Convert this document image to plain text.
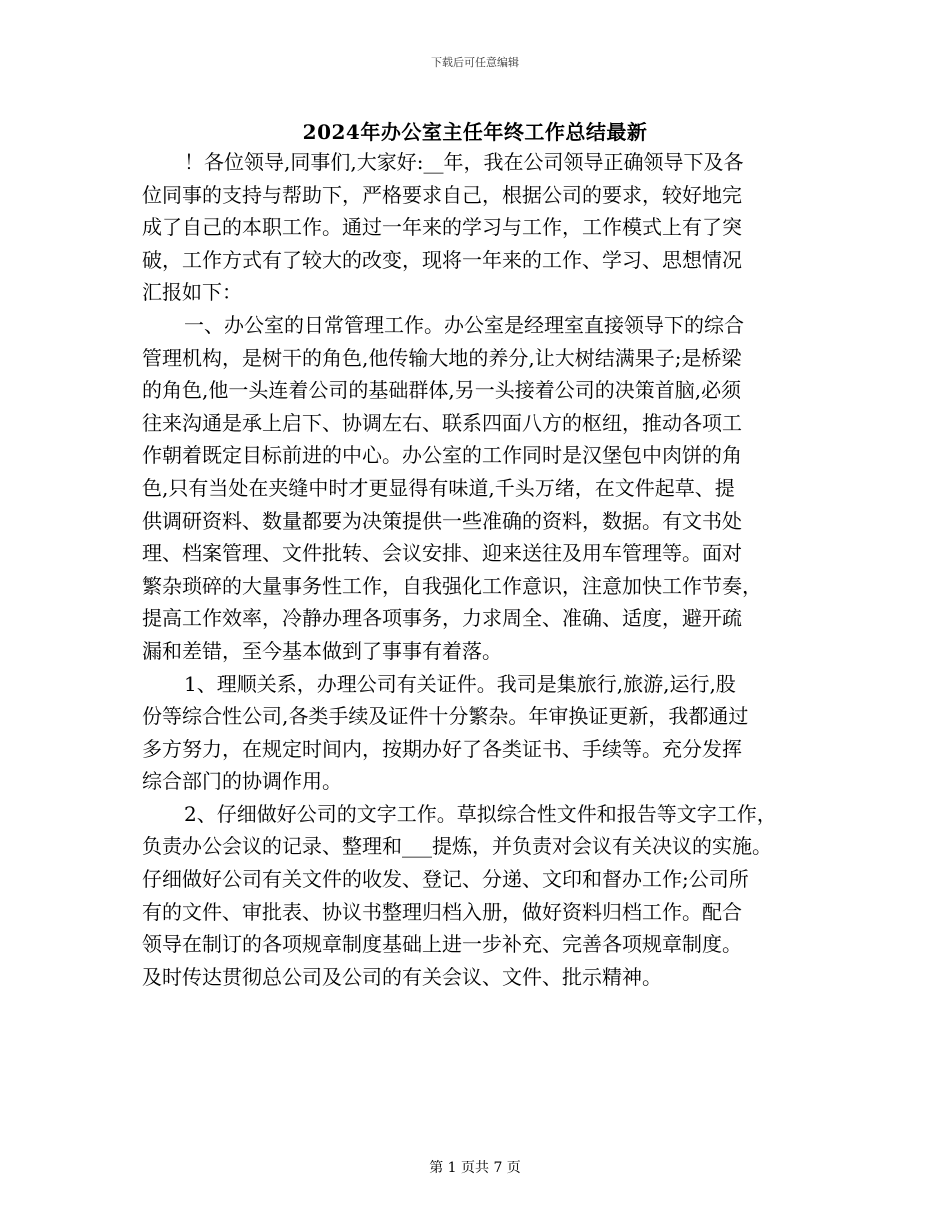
下载后可任意编辑
2024年办公室主任年终工作总结最新
！各位领导,同事们,大家好:__年，我在公司领导正确领导下及各
位同事的支持与帮助下，严格要求自己，根据公司的要求，较好地完
成了自己的本职工作。通过一年来的学习与工作，工作模式上有了突
破，工作方式有了较大的改变，现将一年来的工作、学习、思想情况
汇报如下：
一、办公室的日常管理工作。办公室是经理室直接领导下的综合
管理机构，是树干的角色,他传输大地的养分,让大树结满果子;是桥梁
的角色,他一头连着公司的基础群体,另一头接着公司的决策首脑,必须
往来沟通是承上启下、协调左右、联系四面八方的枢纽，推动各项工
作朝着既定目标前进的中心。办公室的工作同时是汉堡包中肉饼的角
色,只有当处在夹缝中时才更显得有味道,千头万绪，在文件起草、提
供调研资料、数量都要为决策提供一些准确的资料，数据。有文书处
理、档案管理、文件批转、会议安排、迎来送往及用车管理等。面对
繁杂琐碎的大量事务性工作，自我强化工作意识，注意加快工作节奏，
提高工作效率，冷静办理各项事务，力求周全、准确、适度，避开疏
漏和差错，至今基本做到了事事有着落。
1、理顺关系，办理公司有关证件。我司是集旅行,旅游,运行,股
份等综合性公司,各类手续及证件十分繁杂。年审换证更新，我都通过
多方努力，在规定时间内，按期办好了各类证书、手续等。充分发挥
综合部门的协调作用。
2、仔细做好公司的文字工作。草拟综合性文件和报告等文字工作，
负责办公会议的记录、整理和___提炼，并负责对会议有关决议的实施。
仔细做好公司有关文件的收发、登记、分递、文印和督办工作;公司所
有的文件、审批表、协议书整理归档入册，做好资料归档工作。配合
领导在制订的各项规章制度基础上进一步补充、完善各项规章制度。
及时传达贯彻总公司及公司的有关会议、文件、批示精神。
第 1 页共 7 页
